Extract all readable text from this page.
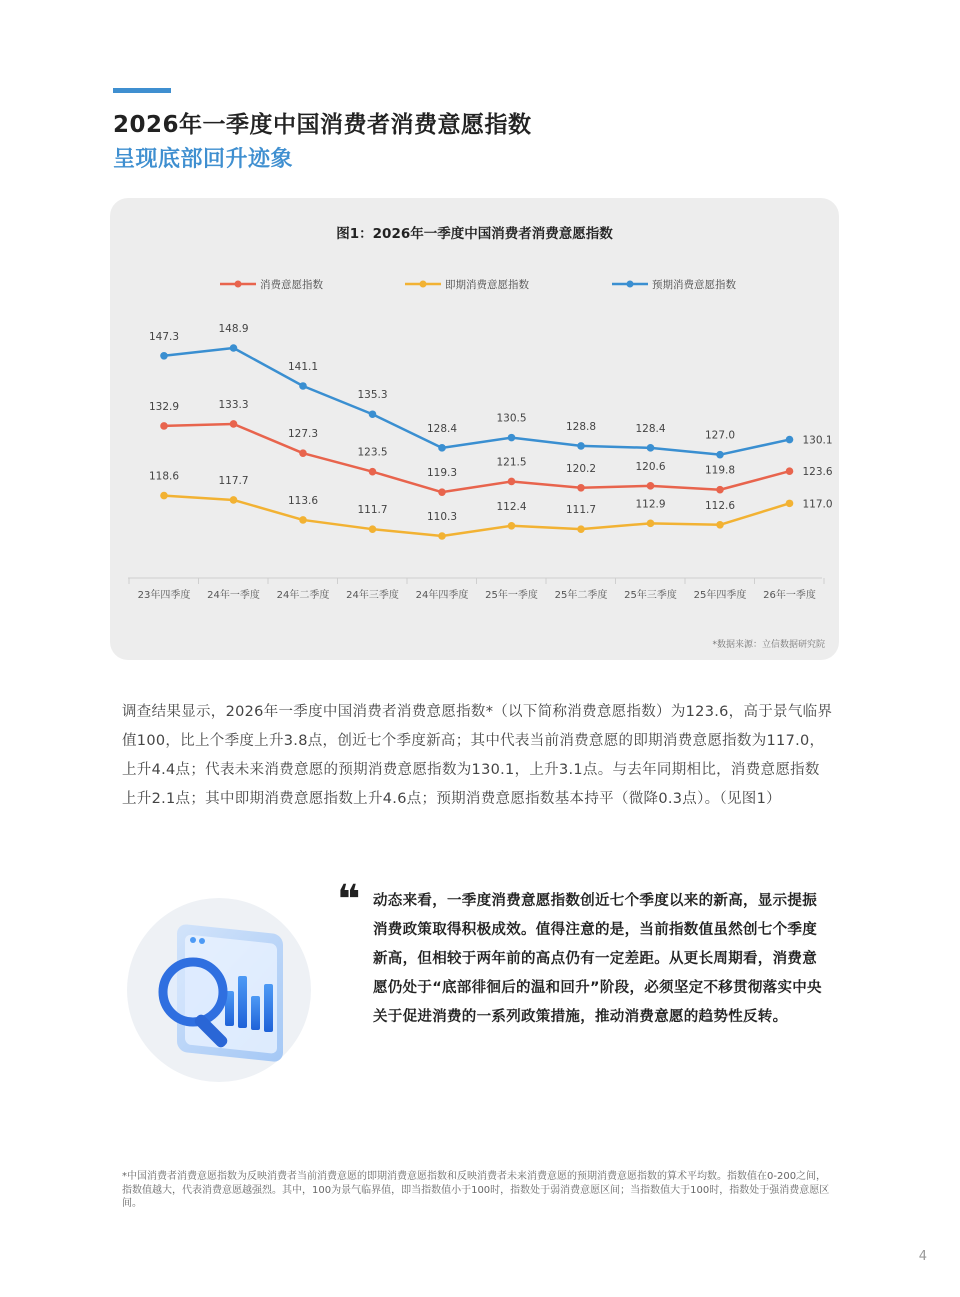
2026年一季度中国消费者消费意愿指数
呈现底部回升迹象
图1：2026年一季度中国消费者消费意愿指数
消费意愿指数	即期消费意愿指数	预期消费意愿指数
23年四季度 24年一季度 24年二季度 24年三季度 24年四季度 25年一季度 25年二季度 25年三季度 25年四季度 26年一季度
132.9	133.3
127.3
123.5
119.3
121.5
120.2	120.6	119.8	123.6
118.6	117.7
113.6
111.7
110.3
112.4	111.7	112.9	112.6	117.0
147.3
148.9
141.1
135.3
128.4
130.5
128.8	128.4
127.0	130.1
*数据来源：立信数据研究院
调查结果显示，2026年一季度中国消费者消费意愿指数*（以下简称消费意愿指数）为123.6，高于景气临界值100，比上个季度上升3.8点，创近七个季度新高；其中代表当前消费意愿的即期消费意愿指数为117.0，上升4.4点；代表未来消费意愿的预期消费意愿指数为130.1，上升3.1点。与去年同期相比，消费意愿指数上升2.1点；其中即期消费意愿指数上升4.6点；预期消费意愿指数基本持平（微降0.3点）。（见图1）
❝ 动态来看，一季度消费意愿指数创近七个季度以来的新高，显示提振消费政策取得积极成效。值得注意的是，当前指数值虽然创七个季度新高，但相较于两年前的高点仍有一定差距。从更长周期看，消费意愿仍处于“底部徘徊后的温和回升”阶段，必须坚定不移贯彻落实中央关于促进消费的一系列政策措施，推动消费意愿的趋势性反转。
*中国消费者消费意愿指数为反映消费者当前消费意愿的即期消费意愿指数和反映消费者未来消费意愿的预期消费意愿指数的算术平均数。指数值在0-200之间，指数值越大，代表消费意愿越强烈。其中，100为景气临界值，即当指数值小于100时，指数处于弱消费意愿区间；当指数值大于100时，指数处于强消费意愿区间。
4
